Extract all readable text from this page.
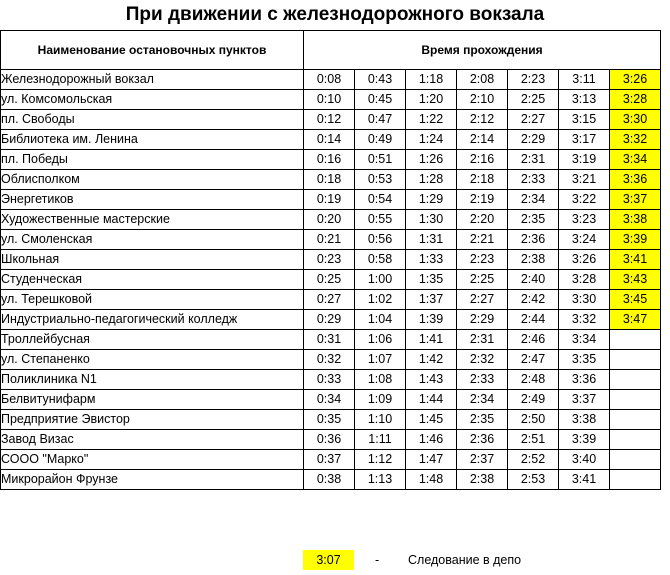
При движении с железнодорожного вокзала
Наименование остановочных пунктов	Время прохождения						
Железнодорожный вокзал	0:08	0:43	1:18	2:08	2:23	3:11	3:26
ул. Комсомольская	0:10	0:45	1:20	2:10	2:25	3:13	3:28
пл. Свободы	0:12	0:47	1:22	2:12	2:27	3:15	3:30
Библиотека им. Ленина	0:14	0:49	1:24	2:14	2:29	3:17	3:32
пл. Победы	0:16	0:51	1:26	2:16	2:31	3:19	3:34
Облисполком	0:18	0:53	1:28	2:18	2:33	3:21	3:36
Энергетиков	0:19	0:54	1:29	2:19	2:34	3:22	3:37
Художественные мастерские	0:20	0:55	1:30	2:20	2:35	3:23	3:38
ул. Смоленская	0:21	0:56	1:31	2:21	2:36	3:24	3:39
Школьная	0:23	0:58	1:33	2:23	2:38	3:26	3:41
Студенческая	0:25	1:00	1:35	2:25	2:40	3:28	3:43
ул. Терешковой	0:27	1:02	1:37	2:27	2:42	3:30	3:45
Индустриально-педагогический колледж	0:29	1:04	1:39	2:29	2:44	3:32	3:47
Троллейбусная	0:31	1:06	1:41	2:31	2:46	3:34	
ул. Степаненко	0:32	1:07	1:42	2:32	2:47	3:35	
Поликлиника N1	0:33	1:08	1:43	2:33	2:48	3:36	
Белвитунифарм	0:34	1:09	1:44	2:34	2:49	3:37	
Предприятие Эвистор	0:35	1:10	1:45	2:35	2:50	3:38	
Завод Визас	0:36	1:11	1:46	2:36	2:51	3:39	
СООО "Марко"	0:37	1:12	1:47	2:37	2:52	3:40	
Микрорайон Фрунзе	0:38	1:13	1:48	2:38	2:53	3:41	
3:07	- Следование в депо
